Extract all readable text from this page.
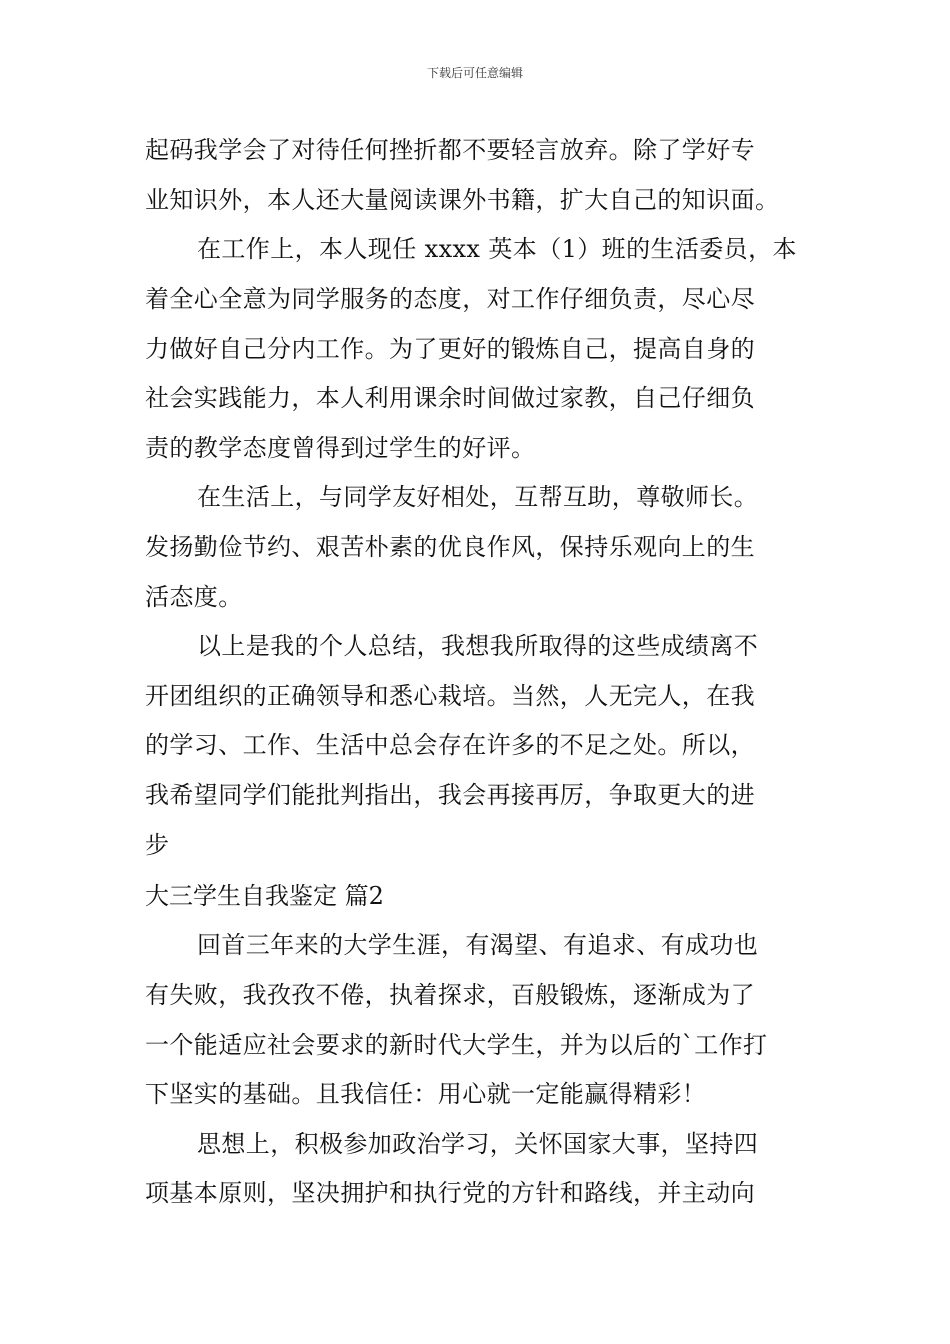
下载后可任意编辑
起码我学会了对待任何挫折都不要轻言放弃。除了学好专
业知识外，本人还大量阅读课外书籍，扩大自己的知识面。
在工作上，本人现任 xxxx 英本（1）班的生活委员，本
着全心全意为同学服务的态度，对工作仔细负责，尽心尽
力做好自己分内工作。为了更好的锻炼自己，提高自身的
社会实践能力，本人利用课余时间做过家教，自己仔细负
责的教学态度曾得到过学生的好评。
在生活上，与同学友好相处，互帮互助，尊敬师长。
发扬勤俭节约、艰苦朴素的优良作风，保持乐观向上的生
活态度。
以上是我的个人总结，我想我所取得的这些成绩离不
开团组织的正确领导和悉心栽培。当然，人无完人，在我
的学习、工作、生活中总会存在许多的不足之处。所以，
我希望同学们能批判指出，我会再接再厉，争取更大的进
步
大三学生自我鉴定 篇2
回首三年来的大学生涯，有渴望、有追求、有成功也
有失败，我孜孜不倦，执着探求，百般锻炼，逐渐成为了
一个能适应社会要求的新时代大学生，并为以后的`工作打
下坚实的基础。且我信任：用心就一定能赢得精彩！
思想上，积极参加政治学习，关怀国家大事，坚持四
项基本原则，坚决拥护和执行党的方针和路线，并主动向
